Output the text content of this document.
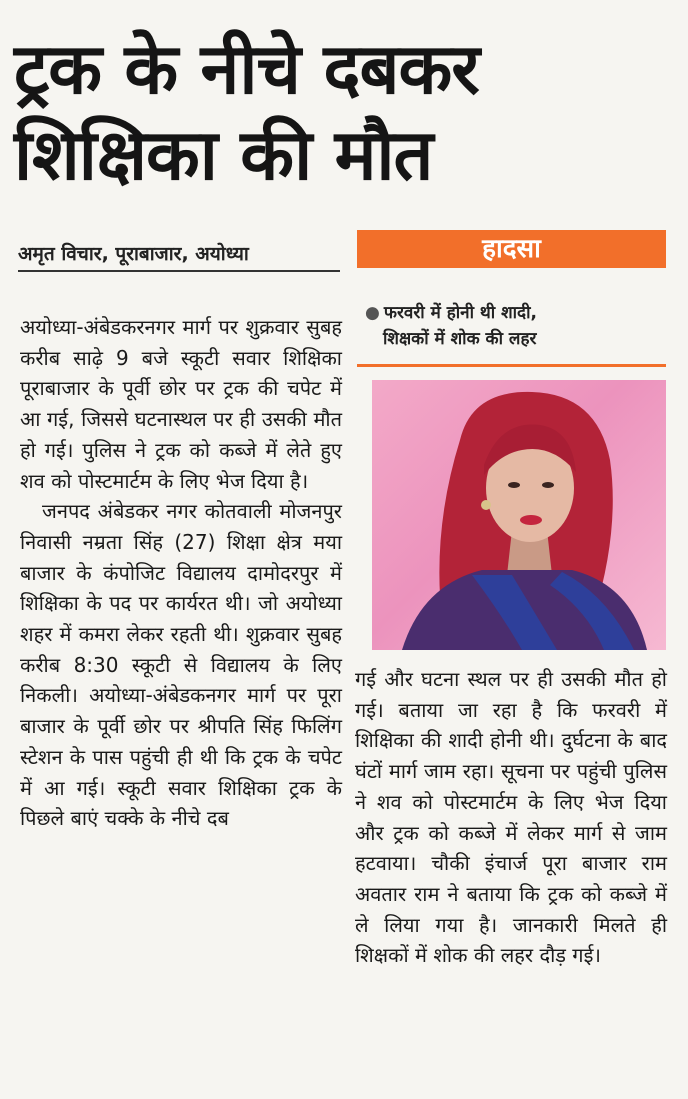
ट्रक के नीचे दबकर
शिक्षिका की मौत
अमृत विचार, पूराबाजार, अयोध्या	हादसा
● फरवरी में होनी थी शादी,
शिक्षकों में शोक की लहर

अयोध्या-अंबेडकरनगर मार्ग पर शुक्रवार सुबह करीब साढ़े 9 बजे स्कूटी सवार शिक्षिका पूराबाजार के पूर्वी छोर पर ट्रक की चपेट में आ गई, जिससे घटनास्थल पर ही उसकी मौत हो गई। पुलिस ने ट्रक को कब्जे में लेते हुए शव को पोस्टमार्टम के लिए भेज दिया है।

जनपद अंबेडकर नगर कोतवाली मोजनपुर निवासी नम्रता सिंह (27) शिक्षा क्षेत्र मया बाजार के कंपोजिट विद्यालय दामोदरपुर में शिक्षिका के पद पर कार्यरत थी। जो अयोध्या शहर में कमरा लेकर रहती थी। शुक्रवार सुबह करीब 8:30 स्कूटी से विद्यालय के लिए निकली। अयोध्या-अंबेडकनगर मार्ग पर पूरा बाजार के पूर्वी छोर पर श्रीपति सिंह फिलिंग स्टेशन के पास पहुंची ही थी कि ट्रक के चपेट में आ गई। स्कूटी सवार शिक्षिका ट्रक के पिछले बाएं चक्के के नीचे दब

गई और घटना स्थल पर ही उसकी मौत हो गई। बताया जा रहा है कि फरवरी में शिक्षिका की शादी होनी थी। दुर्घटना के बाद घंटों मार्ग जाम रहा। सूचना पर पहुंची पुलिस ने शव को पोस्टमार्टम के लिए भेज दिया और ट्रक को कब्जे में लेकर मार्ग से जाम हटवाया। चौकी इंचार्ज पूरा बाजार राम अवतार राम ने बताया कि ट्रक को कब्जे में ले लिया गया है। जानकारी मिलते ही शिक्षकों में शोक की लहर दौड़ गई।
